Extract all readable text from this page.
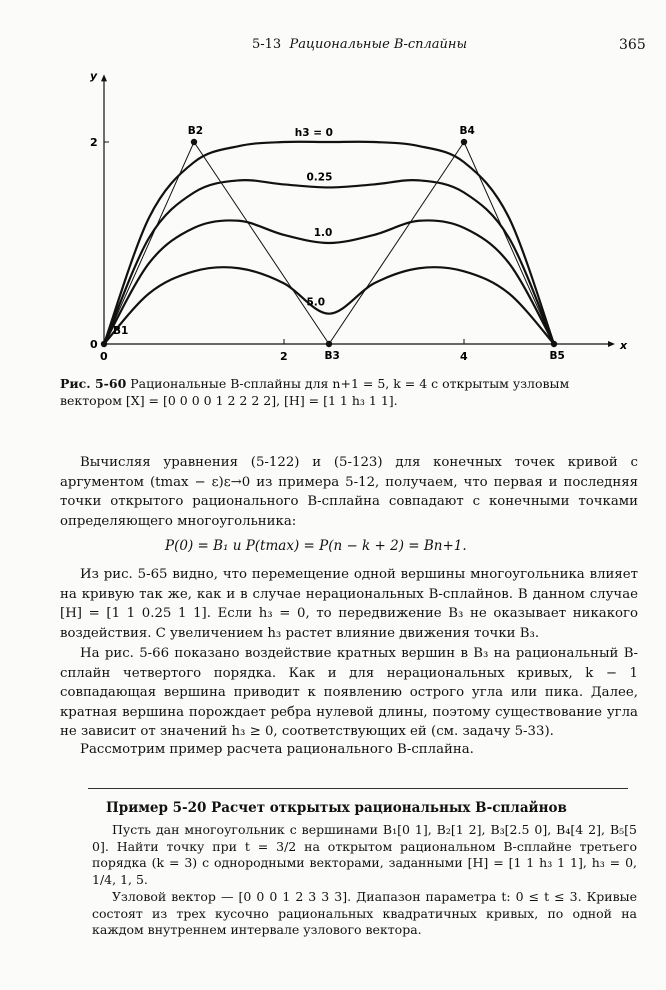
5-13 Рациональные В-сплайны	365
x
y
0	2	4
2
0
h3 = 0
0.25
1.0
5.0
B1
B2
B3
B4
B5
Рис. 5-60 Рациональные В-сплайны для n+1 = 5, k = 4 с открытым узловым вектором [X] = [0 0 0 0 1 2 2 2 2], [H] = [1 1 h₃ 1 1].
Вычисляя уравнения (5-122) и (5-123) для конечных точек кривой с аргументом (tmax − ε)ε→0 из примера 5-12, получаем, что первая и последняя точки открытого рационального В-сплайна совпадают с конечными точками определяющего многоугольника:
P(0) = B₁ и P(tmax) = P(n − k + 2) = Bn+1.
Из рис. 5-65 видно, что перемещение одной вершины многоугольника влияет на кривую так же, как и в случае нерациональных В-сплайнов. В данном случае [H] = [1 1 0.25 1 1]. Если h₃ = 0, то передвижение B₃ не оказывает никакого воздействия. С увеличением h₃ растет влияние движения точки B₃.
На рис. 5-66 показано воздействие кратных вершин в B₃ на рациональный В-сплайн четвертого порядка. Как и для нерациональных кривых, k − 1 совпадающая вершина приводит к появлению острого угла или пика. Далее, кратная вершина порождает ребра нулевой длины, поэтому существование угла не зависит от значений h₃ ≥ 0, соответствующих ей (см. задачу 5-33).
Рассмотрим пример расчета рационального В-сплайна.
Пример 5-20 Расчет открытых рациональных В-сплайнов
Пусть дан многоугольник с вершинами B₁[0 1], B₂[1 2], B₃[2.5 0], B₄[4 2], B₅[5 0]. Найти точку при t = 3/2 на открытом рациональном В-сплайне третьего порядка (k = 3) с однородными векторами, заданными [H] = [1 1 h₃ 1 1], h₃ = 0, 1/4, 1, 5.
Узловой вектор — [0 0 0 1 2 3 3 3]. Диапазон параметра t: 0 ≤ t ≤ 3. Кривые состоят из трех кусочно рациональных квадратичных кривых, по одной на каждом внутреннем интервале узлового вектора.
